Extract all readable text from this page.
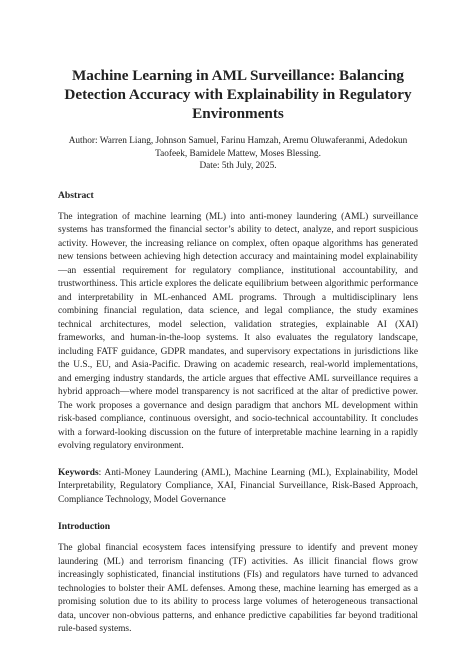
Machine Learning in AML Surveillance: Balancing Detection Accuracy with Explainability in Regulatory Environments
Author: Warren Liang, Johnson Samuel, Farinu Hamzah, Aremu Oluwaferanmi, Adedokun
Taofeek, Bamidele Mattew, Moses Blessing.
Date: 5th July, 2025.
Abstract

The integration of machine learning (ML) into anti-money laundering (AML) surveillance systems has transformed the financial sector’s ability to detect, analyze, and report suspicious activity. However, the increasing reliance on complex, often opaque algorithms has generated new tensions between achieving high detection accuracy and maintaining model explainability—an essential requirement for regulatory compliance, institutional accountability, and trustworthiness. This article explores the delicate equilibrium between algorithmic performance and interpretability in ML-enhanced AML programs. Through a multidisciplinary lens combining financial regulation, data science, and legal compliance, the study examines technical architectures, model selection, validation strategies, explainable AI (XAI) frameworks, and human-in-the-loop systems. It also evaluates the regulatory landscape, including FATF guidance, GDPR mandates, and supervisory expectations in jurisdictions like the U.S., EU, and Asia-Pacific. Drawing on academic research, real-world implementations, and emerging industry standards, the article argues that effective AML surveillance requires a hybrid approach—where model transparency is not sacrificed at the altar of predictive power. The work proposes a governance and design paradigm that anchors ML development within risk-based compliance, continuous oversight, and socio-technical accountability. It concludes with a forward-looking discussion on the future of interpretable machine learning in a rapidly evolving regulatory environment.

Keywords: Anti-Money Laundering (AML), Machine Learning (ML), Explainability, Model Interpretability, Regulatory Compliance, XAI, Financial Surveillance, Risk-Based Approach, Compliance Technology, Model Governance

Introduction

The global financial ecosystem faces intensifying pressure to identify and prevent money laundering (ML) and terrorism financing (TF) activities. As illicit financial flows grow increasingly sophisticated, financial institutions (FIs) and regulators have turned to advanced technologies to bolster their AML defenses. Among these, machine learning has emerged as a promising solution due to its ability to process large volumes of heterogeneous transactional data, uncover non-obvious patterns, and enhance predictive capabilities far beyond traditional rule-based systems.
